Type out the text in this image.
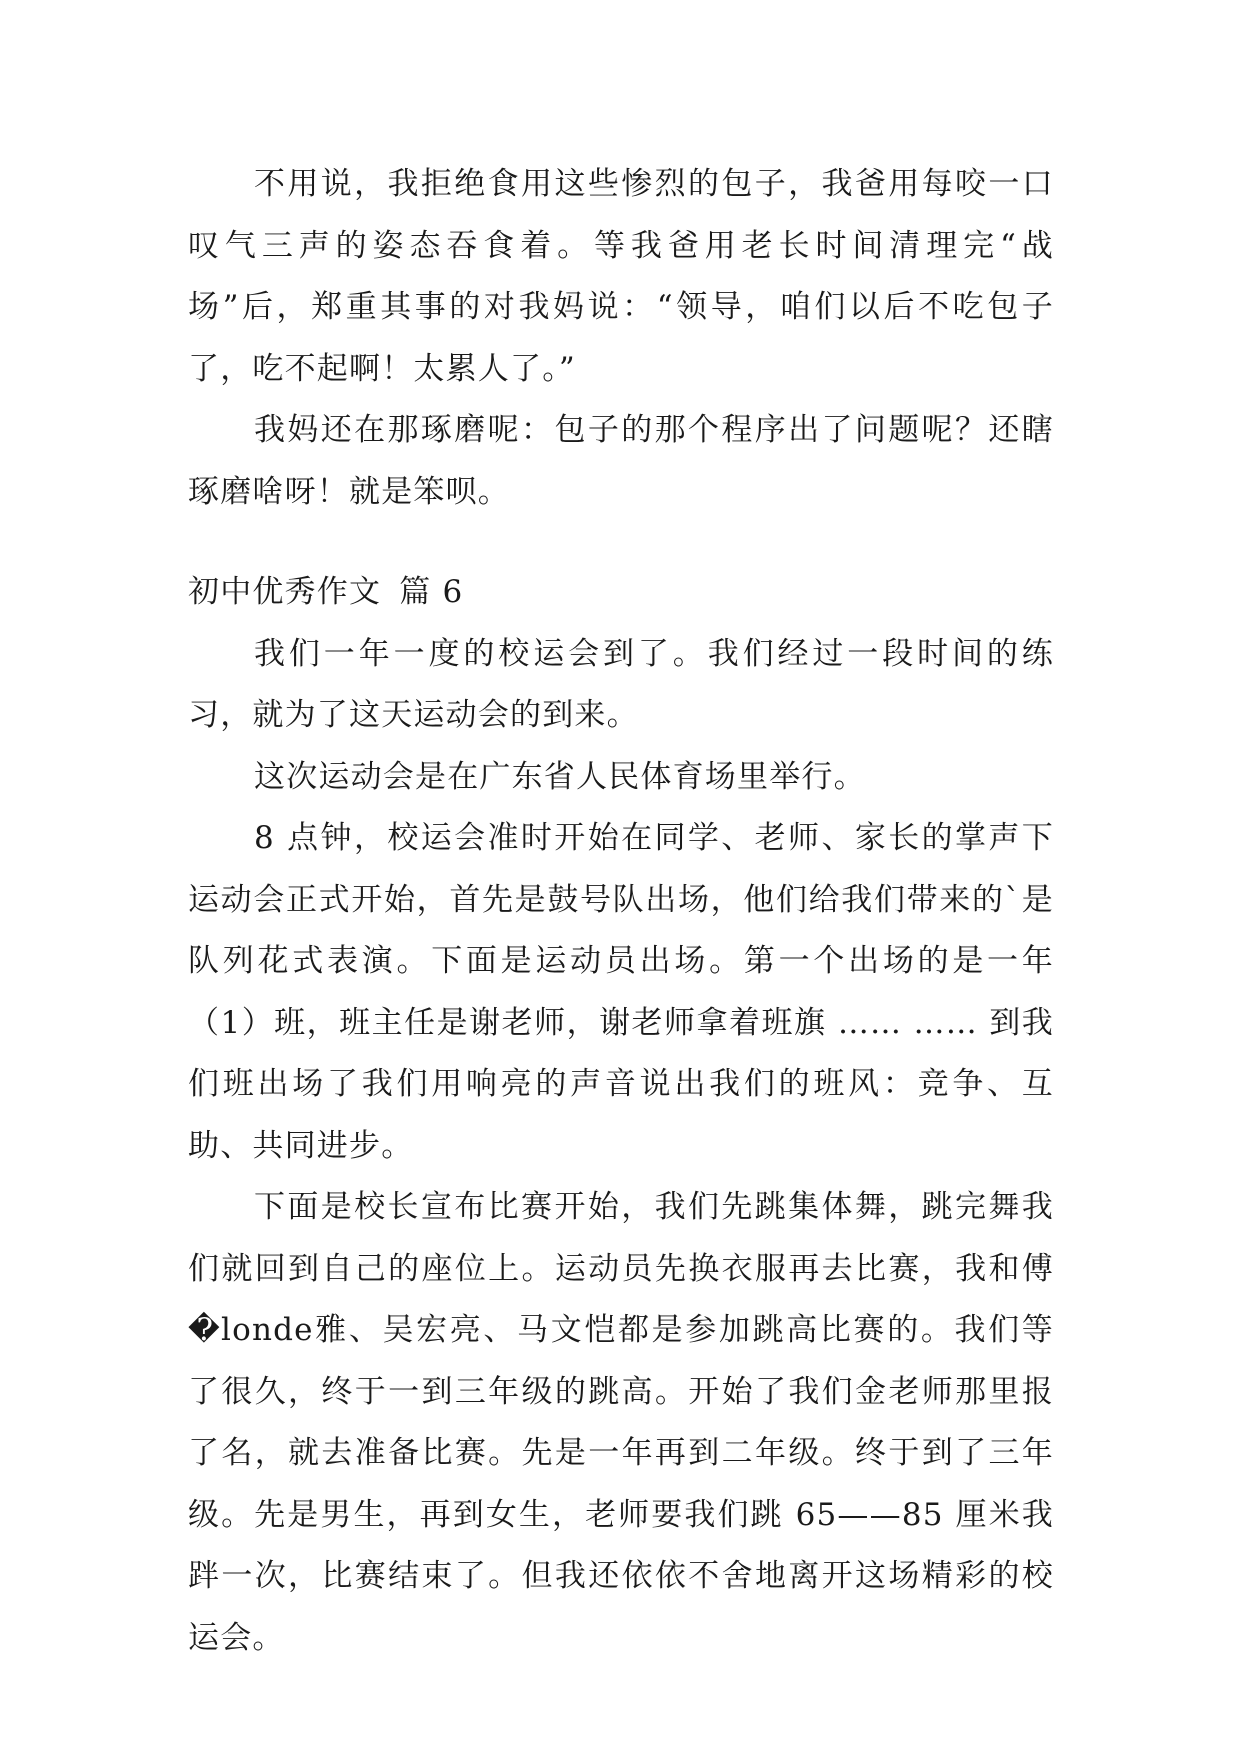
不用说，我拒绝食用这些惨烈的包子，我爸用每咬一口叹气三声的姿态吞食着。等我爸用老长时间清理完“战场”后，郑重其事的对我妈说：“领导，咱们以后不吃包子了，吃不起啊！太累人了。”

我妈还在那琢磨呢：包子的那个程序出了问题呢？还瞎琢磨啥呀！就是笨呗。

初中优秀作文 篇 6

我们一年一度的校运会到了。我们经过一段时间的练习，就为了这天运动会的到来。

这次运动会是在广东省人民体育场里举行。

8 点钟，校运会准时开始在同学、老师、家长的掌声下运动会正式开始，首先是鼓号队出场，他们给我们带来的`是队列花式表演。下面是运动员出场。第一个出场的是一年（1）班，班主任是谢老师，谢老师拿着班旗 …… …… 到我们班出场了我们用响亮的声音说出我们的班风：竞争、互助、共同进步。

下面是校长宣布比赛开始，我们先跳集体舞，跳完舞我们就回到自己的座位上。运动员先换衣服再去比赛，我和傅�londe雅、吴宏亮、马文恺都是参加跳高比赛的。我们等了很久，终于一到三年级的跳高。开始了我们金老师那里报了名，就去准备比赛。先是一年再到二年级。终于到了三年级。先是男生，再到女生，老师要我们跳 65——85 厘米我跘一次，比赛结束了。但我还依依不舍地离开这场精彩的校运会。
